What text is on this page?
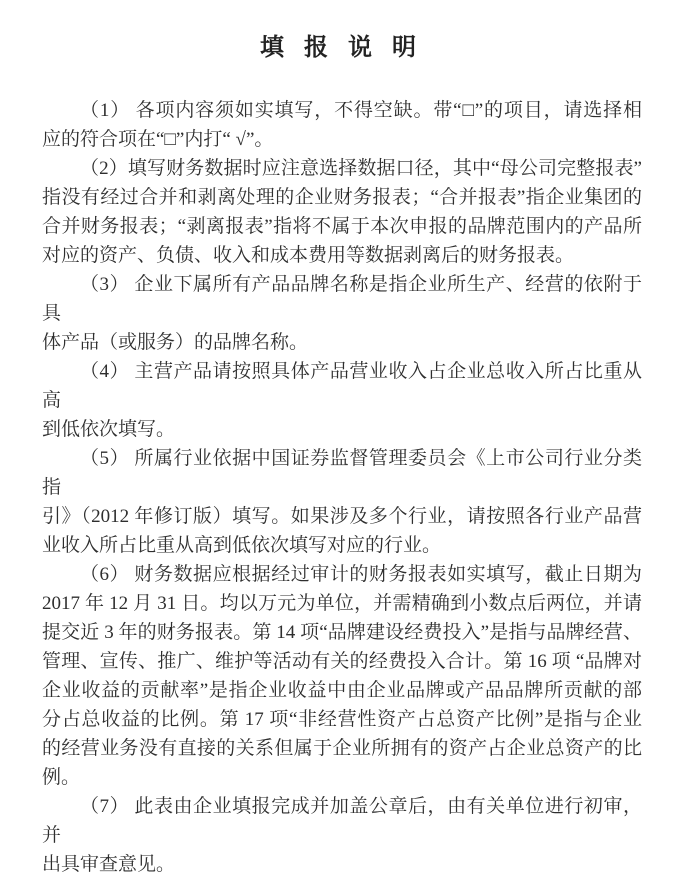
填 报 说 明

（1） 各项内容须如实填写，不得空缺。带“□”的项目，请选择相
应的符合项在“□”内打“ √”。

（2）填写财务数据时应注意选择数据口径，其中“母公司完整报表”
指没有经过合并和剥离处理的企业财务报表；“合并报表”指企业集团的
合并财务报表；“剥离报表”指将不属于本次申报的品牌范围内的产品所
对应的资产、负债、收入和成本费用等数据剥离后的财务报表。

（3） 企业下属所有产品品牌名称是指企业所生产、经营的依附于具
体产品（或服务）的品牌名称。

（4） 主营产品请按照具体产品营业收入占企业总收入所占比重从高
到低依次填写。

（5） 所属行业依据中国证券监督管理委员会《上市公司行业分类指
引》（2012 年修订版）填写。如果涉及多个行业，请按照各行业产品营
业收入所占比重从高到低依次填写对应的行业。

（6） 财务数据应根据经过审计的财务报表如实填写，截止日期为
2017 年 12 月 31 日。均以万元为单位，并需精确到小数点后两位，并请
提交近 3 年的财务报表。第 14 项“品牌建设经费投入”是指与品牌经营、
管理、宣传、推广、维护等活动有关的经费投入合计。第 16 项 “品牌对
企业收益的贡献率”是指企业收益中由企业品牌或产品品牌所贡献的部
分占总收益的比例。第 17 项“非经营性资产占总资产比例”是指与企业
的经营业务没有直接的关系但属于企业所拥有的资产占企业总资产的比
例。

（7） 此表由企业填报完成并加盖公章后，由有关单位进行初审，并
出具审查意见。
